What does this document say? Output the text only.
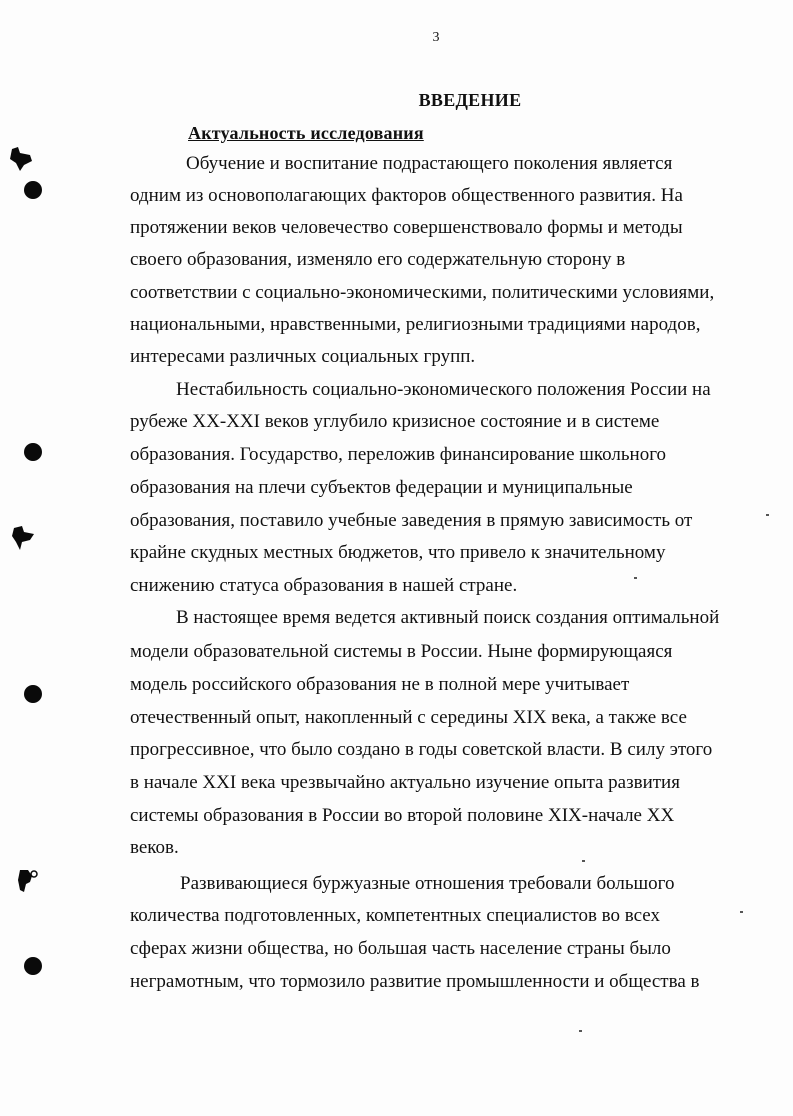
3
ВВЕДЕНИЕ
Актуальность исследования
Обучение и воспитание подрастающего поколения является
одним из основополагающих факторов общественного развития. На
протяжении веков человечество совершенствовало формы и методы
своего образования, изменяло его содержательную сторону в
соответствии с социально-экономическими, политическими условиями,
национальными, нравственными, религиозными традициями народов,
интересами различных социальных групп.
Нестабильность социально-экономического положения России на
рубеже XX-XXI веков углубило кризисное состояние и в системе
образования. Государство, переложив финансирование школьного
образования на плечи субъектов федерации и муниципальные
образования, поставило учебные заведения в прямую зависимость от
крайне скудных местных бюджетов, что привело к значительному
снижению статуса образования в нашей стране.
В настоящее время ведется активный поиск создания оптимальной
модели образовательной системы в России. Ныне формирующаяся
модель российского образования не в полной мере учитывает
отечественный опыт, накопленный с середины XIX века, а также все
прогрессивное, что было создано в годы советской власти. В силу этого
в начале XXI века чрезвычайно актуально изучение опыта развития
системы образования в России во второй половине XIX-начале XX
веков.
Развивающиеся буржуазные отношения требовали большого
количества подготовленных, компетентных специалистов во всех
сферах жизни общества, но большая часть население страны было
неграмотным, что тормозило развитие промышленности и общества в
